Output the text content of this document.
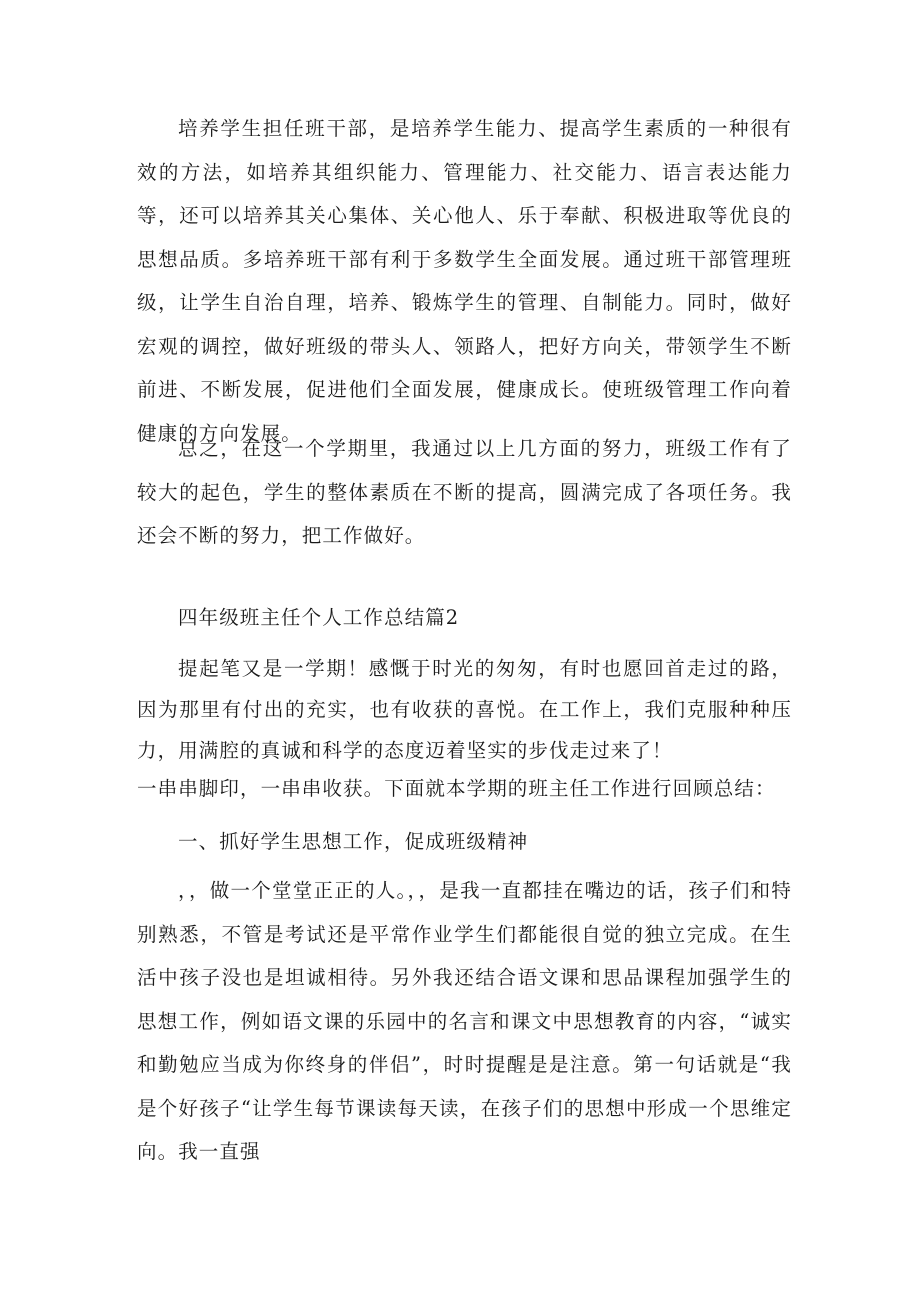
培养学生担任班干部，是培养学生能力、提高学生素质的一种很有效的方法，如培养其组织能力、管理能力、社交能力、语言表达能力等，还可以培养其关心集体、关心他人、乐于奉献、积极进取等优良的思想品质。多培养班干部有利于多数学生全面发展。通过班干部管理班级，让学生自治自理，培养、锻炼学生的管理、自制能力。同时，做好宏观的调控，做好班级的带头人、领路人，把好方向关，带领学生不断前进、不断发展，促进他们全面发展，健康成长。使班级管理工作向着健康的方向发展。

总之，在这一个学期里，我通过以上几方面的努力，班级工作有了较大的起色，学生的整体素质在不断的提高，圆满完成了各项任务。我还会不断的努力，把工作做好。

四年级班主任个人工作总结篇2

提起笔又是一学期！感慨于时光的匆匆，有时也愿回首走过的路，因为那里有付出的充实，也有收获的喜悦。在工作上，我们克服种种压力，用满腔的真诚和科学的态度迈着坚实的步伐走过来了！

一串串脚印，一串串收获。下面就本学期的班主任工作进行回顾总结：

一、抓好学生思想工作，促成班级精神

，，做一个堂堂正正的人。，，是我一直都挂在嘴边的话，孩子们和特别熟悉，不管是考试还是平常作业学生们都能很自觉的独立完成。在生活中孩子没也是坦诚相待。另外我还结合语文课和思品课程加强学生的思想工作，例如语文课的乐园中的名言和课文中思想教育的内容，“诚实和勤勉应当成为你终身的伴侣”，时时提醒是是注意。第一句话就是“我是个好孩子“让学生每节课读每天读，在孩子们的思想中形成一个思维定向。我一直强
